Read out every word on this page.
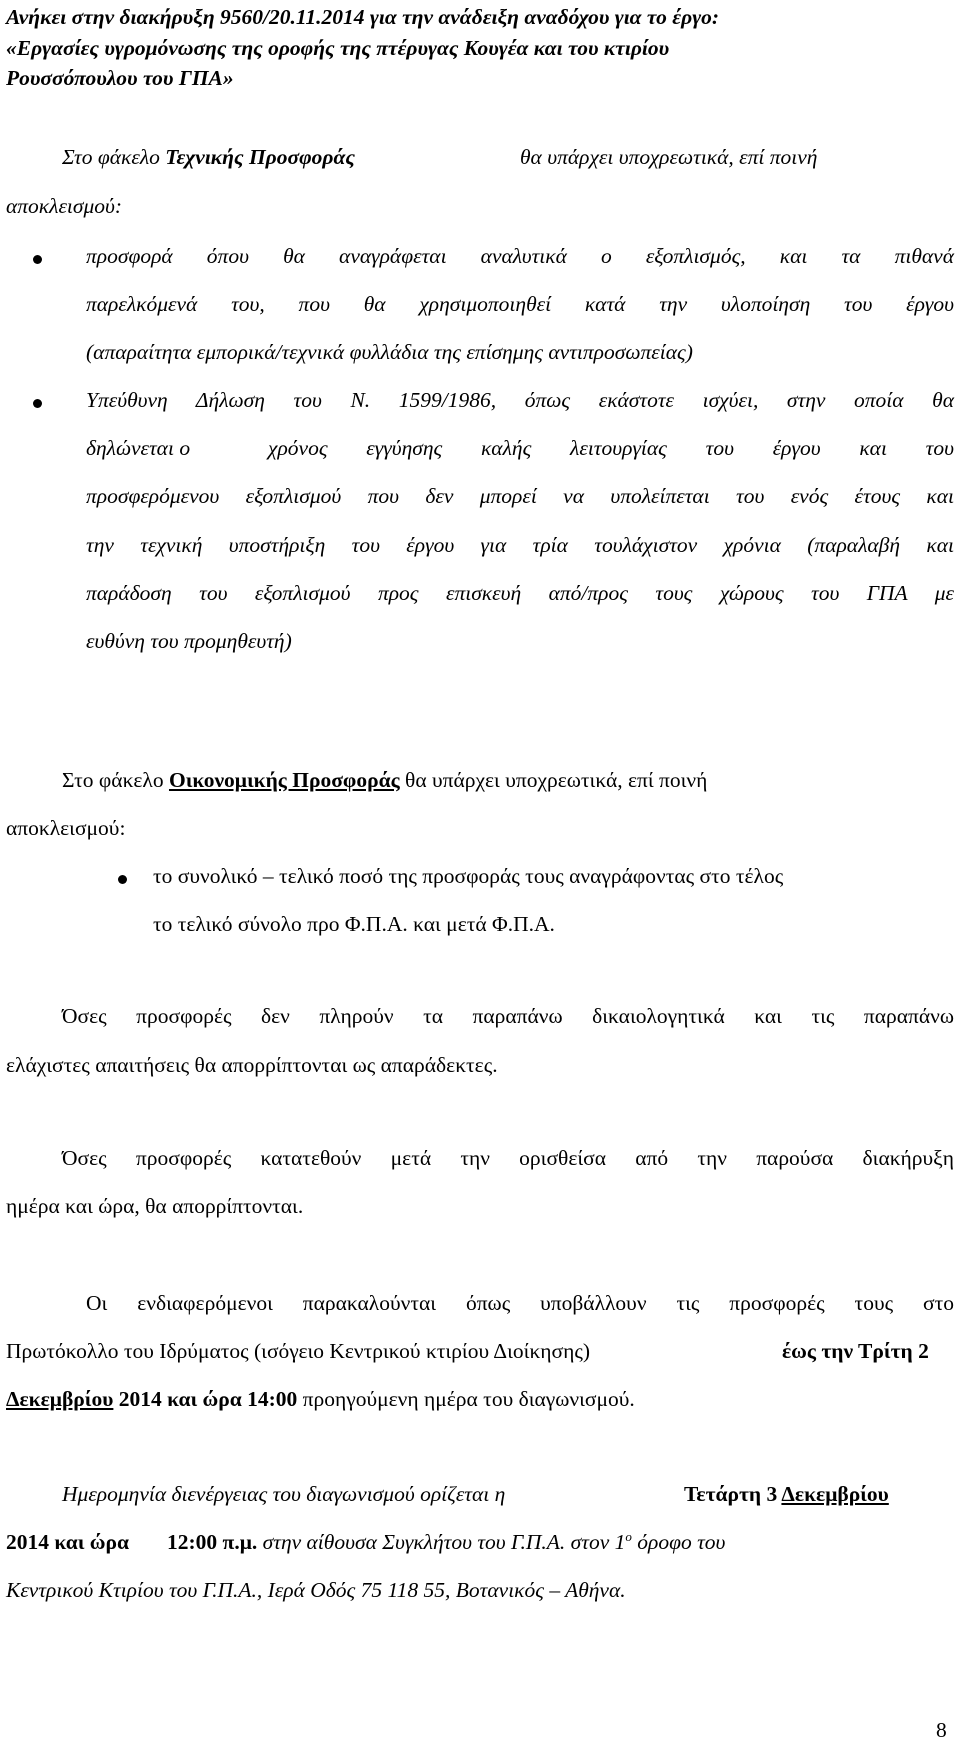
Ανήκει στην διακήρυξη 9560/20.11.2014 για την ανάδειξη αναδόχου για το έργο:
«Εργασίες υγρομόνωσης της οροφής της πτέρυγας Κουγέα και του κτιρίου
Ρουσσόπουλου του ΓΠΑ»
Στο φάκελο Τεχνικής Προσφοράς	θα υπάρχει υποχρεωτικά, επί ποινή
αποκλεισμού:
προσφορά όπου θα αναγράφεται αναλυτικά ο εξοπλισμός, και τα πιθανά
παρελκόμενά του, που θα χρησιμοποιηθεί κατά την υλοποίηση του έργου
(απαραίτητα εμπορικά/τεχνικά φυλλάδια της επίσημης αντιπροσωπείας)
Υπεύθυνη Δήλωση του Ν. 1599/1986, όπως εκάστοτε ισχύει, στην οποία θα
δηλώνεται ο	χρόνος εγγύησης καλής λειτουργίας του έργου και του
προσφερόμενου εξοπλισμού που δεν μπορεί να υπολείπεται του ενός έτους και
την τεχνική υποστήριξη του έργου για τρία τουλάχιστον χρόνια (παραλαβή και
παράδοση του εξοπλισμού προς επισκευή από/προς τους χώρους του ΓΠΑ με
ευθύνη του προμηθευτή)
Στο φάκελο Οικονομικής Προσφοράς θα υπάρχει υποχρεωτικά, επί ποινή
αποκλεισμού:
το συνολικό – τελικό ποσό της προσφοράς τους αναγράφοντας στο τέλος
το τελικό σύνολο προ Φ.Π.Α. και μετά Φ.Π.Α.
Όσες προσφορές δεν πληρούν τα παραπάνω δικαιολογητικά και τις παραπάνω
ελάχιστες απαιτήσεις θα απορρίπτονται ως απαράδεκτες.
Όσες προσφορές κατατεθούν μετά την ορισθείσα από την παρούσα διακήρυξη
ημέρα και ώρα, θα απορρίπτονται.
Οι ενδιαφερόμενοι παρακαλούνται όπως υποβάλλουν τις προσφορές τους στο
Πρωτόκολλο του Ιδρύματος (ισόγειο Κεντρικού κτιρίου Διοίκησης)	έως την Τρίτη 2
Δεκεμβρίου 2014 και ώρα 14:00 προηγούμενη ημέρα του διαγωνισμού.
Ημερομηνία διενέργειας του διαγωνισμού ορίζεται η	Τετάρτη 3 Δεκεμβρίου
2014 και ώρα 12:00 π.μ. στην αίθουσα Συγκλήτου του Γ.Π.Α. στον $1^o$ όροφο του
Κεντρικού Κτιρίου του Γ.Π.Α., Ιερά Οδός 75 118 55, Βοτανικός – Αθήνα.
8
